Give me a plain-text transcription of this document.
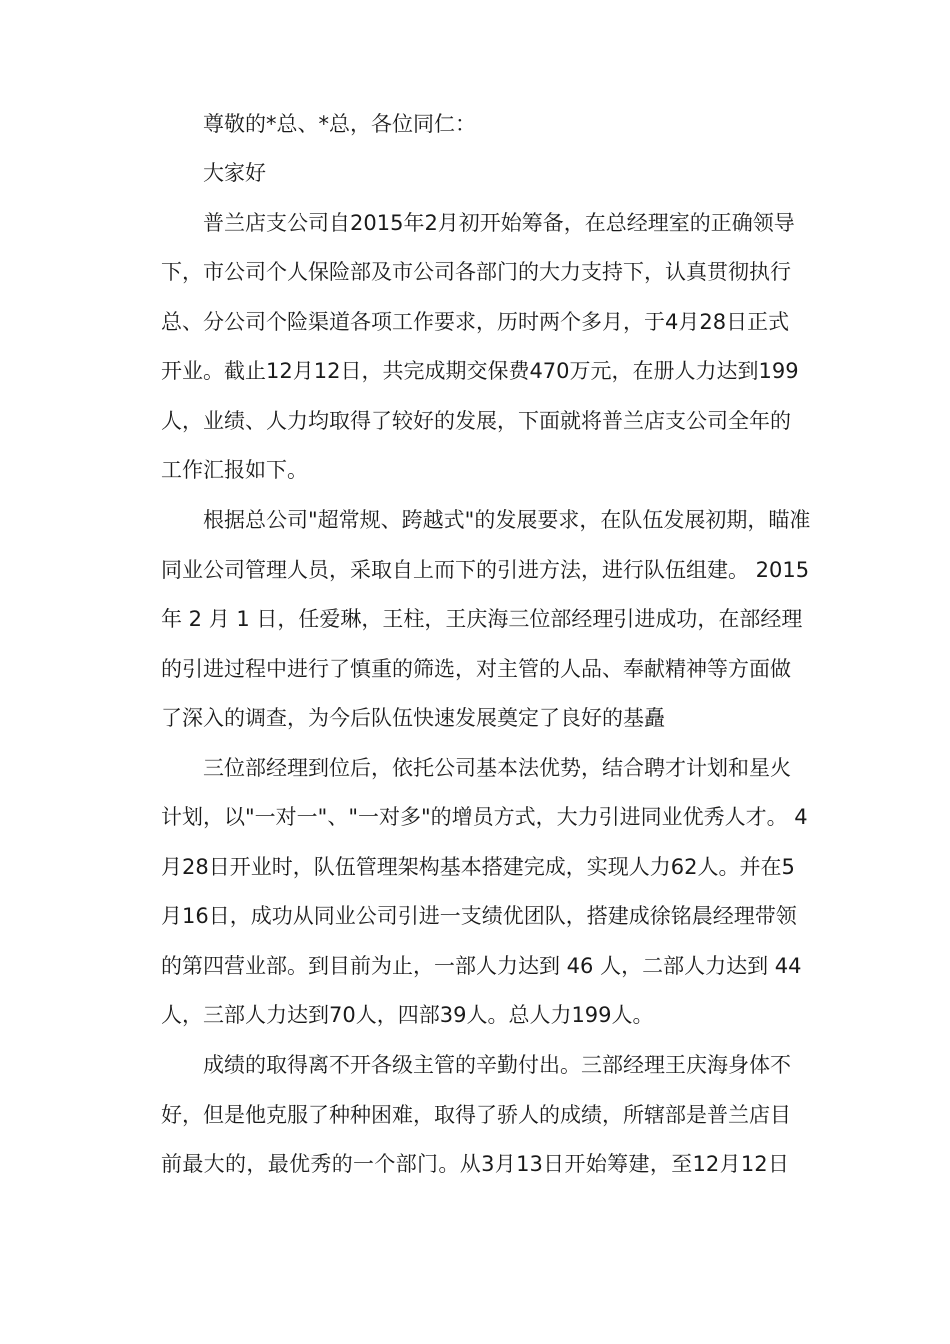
尊敬的*总、*总，各位同仁：

大家好

普兰店支公司自2015年2月初开始筹备，在总经理室的正确领导

下，市公司个人保险部及市公司各部门的大力支持下，认真贯彻执行

总、分公司个险渠道各项工作要求，历时两个多月，于4月28日正式

开业。截止12月12日，共完成期交保费470万元，在册人力达到199

人，业绩、人力均取得了较好的发展，下面就将普兰店支公司全年的

工作汇报如下。

根据总公司"超常规、跨越式"的发展要求，在队伍发展初期，瞄准

同业公司管理人员，采取自上而下的引进方法，进行队伍组建。 2015

年 2 月 1 日，任爱琳，王柱，王庆海三位部经理引进成功，在部经理

的引进过程中进行了慎重的筛选，对主管的人品、奉献精神等方面做

了深入的调查，为今后队伍快速发展奠定了良好的基矗

三位部经理到位后，依托公司基本法优势，结合聘才计划和星火

计划，以"一对一"、"一对多"的增员方式，大力引进同业优秀人才。 4

月28日开业时，队伍管理架构基本搭建完成，实现人力62人。并在5

月16日，成功从同业公司引进一支绩优团队，搭建成徐铭晨经理带领

的第四营业部。到目前为止，一部人力达到 46 人，二部人力达到 44

人，三部人力达到70人，四部39人。总人力199人。

成绩的取得离不开各级主管的辛勤付出。三部经理王庆海身体不

好，但是他克服了种种困难，取得了骄人的成绩，所辖部是普兰店目

前最大的，最优秀的一个部门。从3月13日开始筹建，至12月12日
